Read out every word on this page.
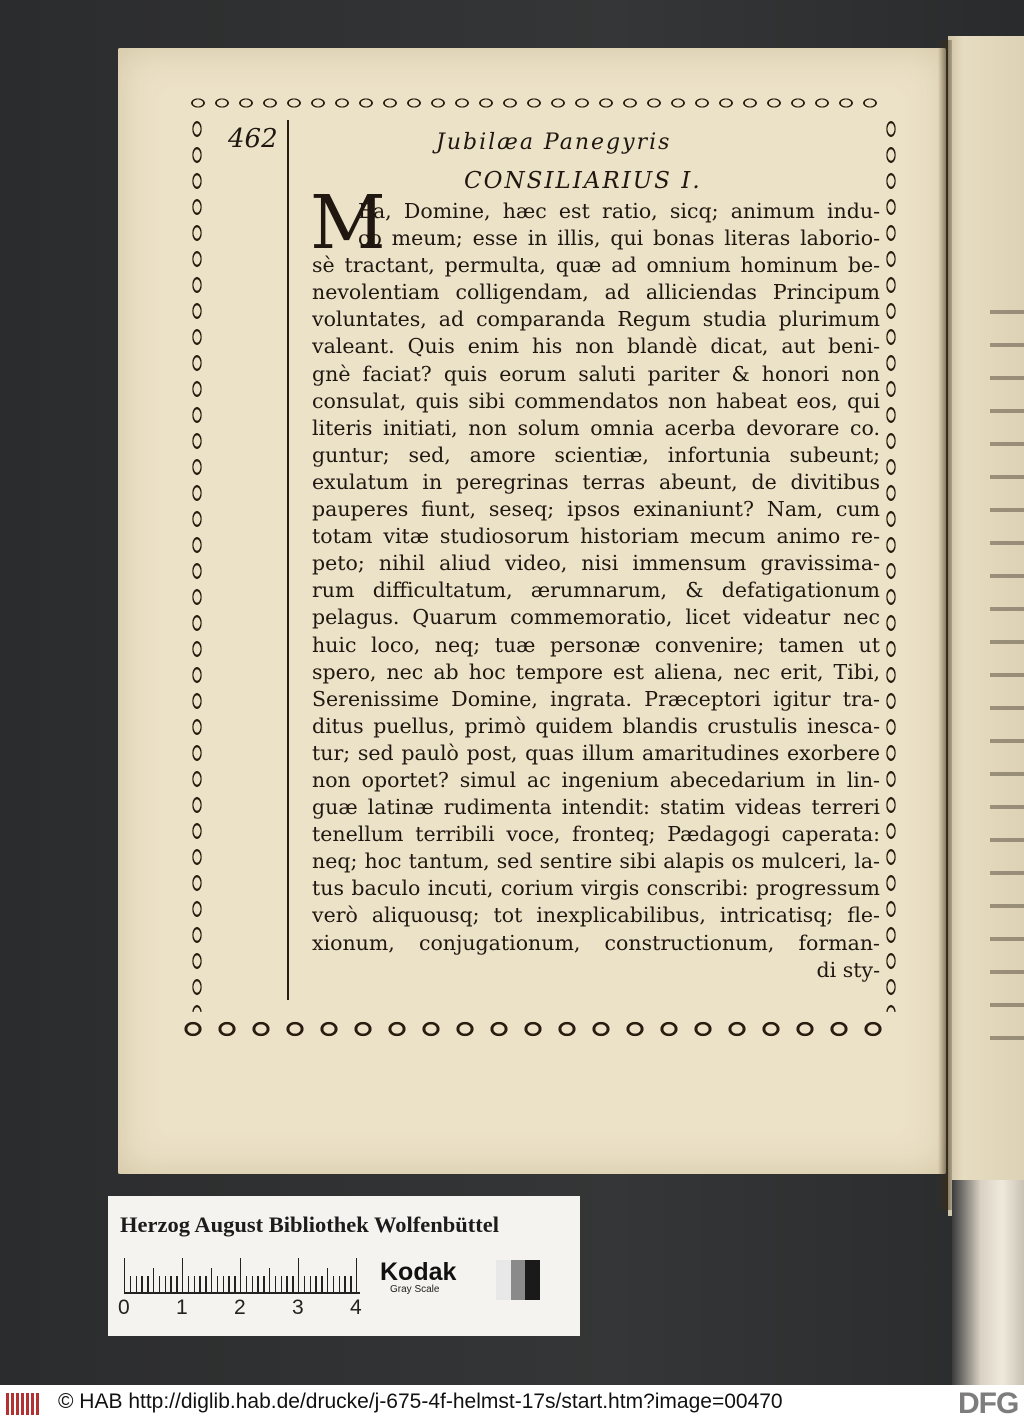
462	Jubilæa Panegyris
CONSILIARIUS I.
M
Ea, Domine, hæc est ratio, sicq; animum indu-
co meum; esse in illis, qui bonas literas laborio-
sè tractant, permulta, quæ ad omnium hominum be-
nevolentiam colligendam, ad alliciendas Principum
voluntates, ad comparanda Regum studia plurimum
valeant. Quis enim his non blandè dicat, aut beni-
gnè faciat? quis eorum saluti pariter & honori non
consulat, quis sibi commendatos non habeat eos, qui
literis initiati, non solum omnia acerba devorare co.
guntur; sed, amore scientiæ, infortunia subeunt;
exulatum in peregrinas terras abeunt, de divitibus
pauperes fiunt, seseq; ipsos exinaniunt? Nam, cum
totam vitæ studiosorum historiam mecum animo re-
peto; nihil aliud video, nisi immensum gravissima-
rum difficultatum, ærumnarum, & defatigationum
pelagus. Quarum commemoratio, licet videatur nec
huic loco, neq; tuæ personæ convenire; tamen ut
spero, nec ab hoc tempore est aliena, nec erit, Tibi,
Serenissime Domine, ingrata. Præceptori igitur tra-
ditus puellus, primò quidem blandis crustulis inesca-
tur; sed paulò post, quas illum amaritudines exorbere
non oportet? simul ac ingenium abecedarium in lin-
guæ latinæ rudimenta intendit: statim videas terreri
tenellum terribili voce, fronteq; Pædagogi caperata:
neq; hoc tantum, sed sentire sibi alapis os mulceri, la-
tus baculo incuti, corium virgis conscribi: progressum
verò aliquousq; tot inexplicabilibus, intricatisq; fle-
xionum, conjugationum, constructionum, forman-
di sty-
Herzog August Bibliothek Wolfenbüttel
0 1 2 3 4
Kodak
Gray Scale
© HAB http://diglib.hab.de/drucke/j-675-4f-helmst-17s/start.htm?image=00470	DFG
